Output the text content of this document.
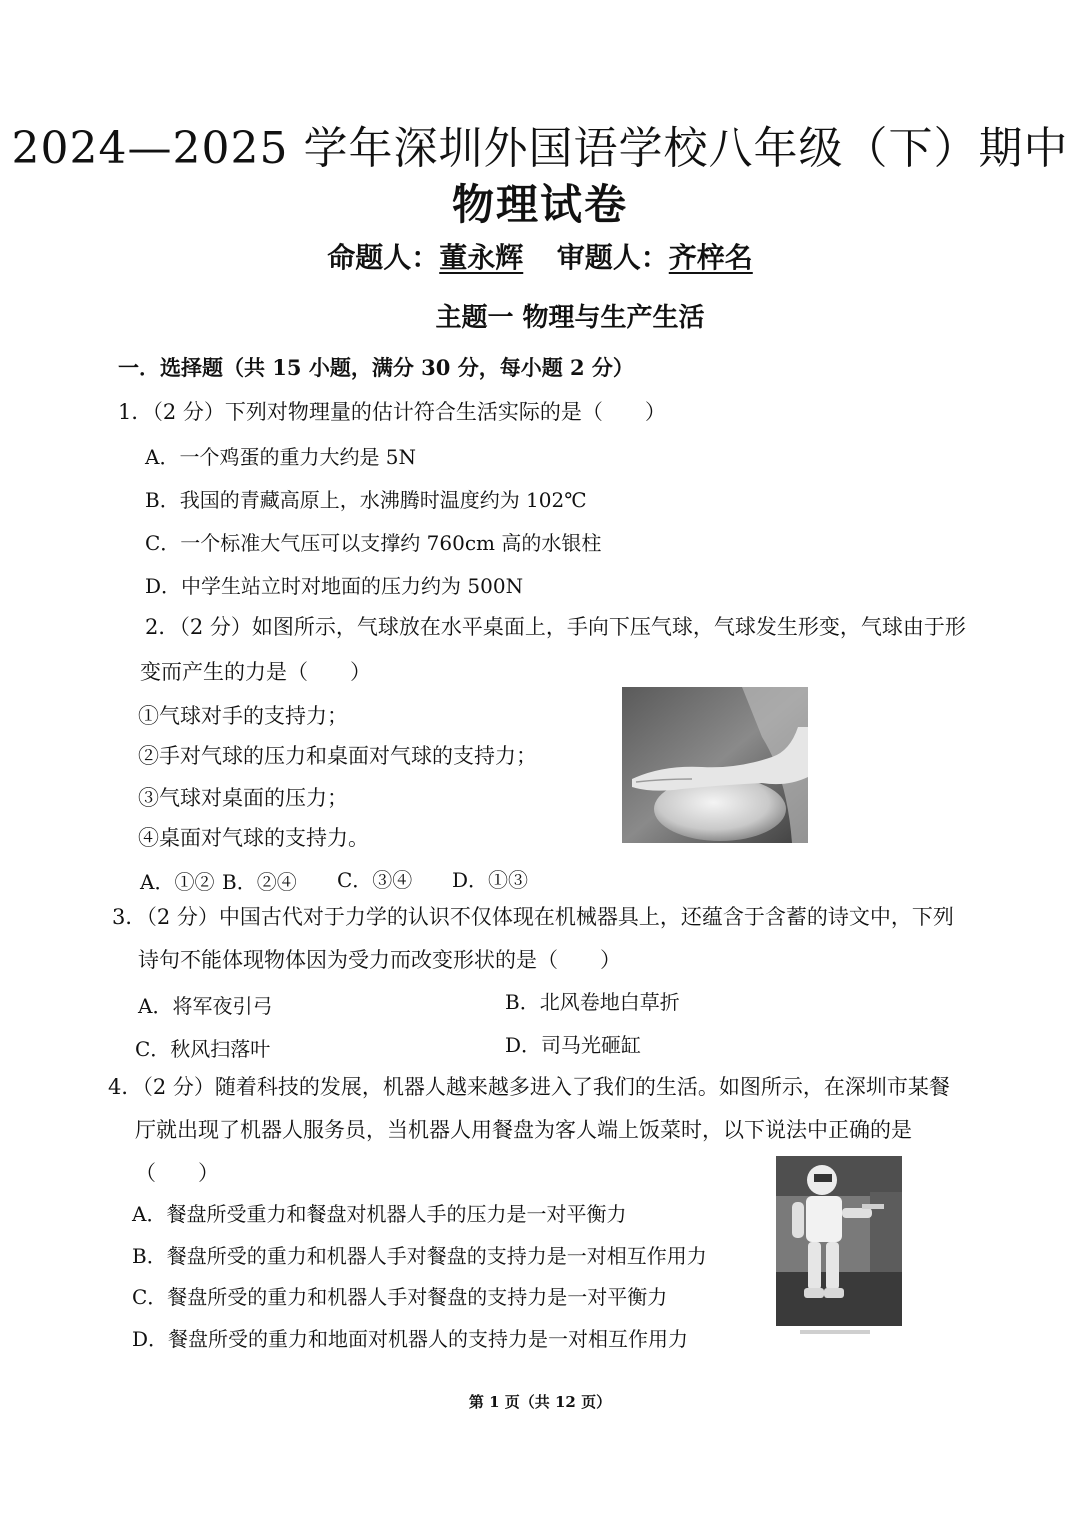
2024—2025 学年深圳外国语学校八年级（下）期中
物理试卷
命题人：董永辉 审题人：齐梓名
主题一 物理与生产生活
一．选择题（共 15 小题，满分 30 分，每小题 2 分）
1．（2 分）下列对物理量的估计符合生活实际的是（　　）
A．一个鸡蛋的重力大约是 5N
B．我国的青藏高原上，水沸腾时温度约为 102℃
C．一个标准大气压可以支撑约 760cm 高的水银柱
D．中学生站立时对地面的压力约为 500N
2．（2 分）如图所示，气球放在水平桌面上，手向下压气球，气球发生形变，气球由于形
变而产生的力是（　　）
①气球对手的支持力；
②手对气球的压力和桌面对气球的支持力；
③气球对桌面的压力；
④桌面对气球的支持力。
A．①② B．②④ C．③④ D．①③
3．（2 分）中国古代对于力学的认识不仅体现在机械器具上，还蕴含于含蓄的诗文中，下列
诗句不能体现物体因为受力而改变形状的是（　　）
A．将军夜引弓	B．北风卷地白草折
C．秋风扫落叶	D．司马光砸缸
4．（2 分）随着科技的发展，机器人越来越多进入了我们的生活。如图所示，在深圳市某餐
厅就出现了机器人服务员，当机器人用餐盘为客人端上饭菜时，以下说法中正确的是
（　　）
A．餐盘所受重力和餐盘对机器人手的压力是一对平衡力
B．餐盘所受的重力和机器人手对餐盘的支持力是一对相互作用力
C．餐盘所受的重力和机器人手对餐盘的支持力是一对平衡力
D．餐盘所受的重力和地面对机器人的支持力是一对相互作用力
第 1 页（共 12 页）
